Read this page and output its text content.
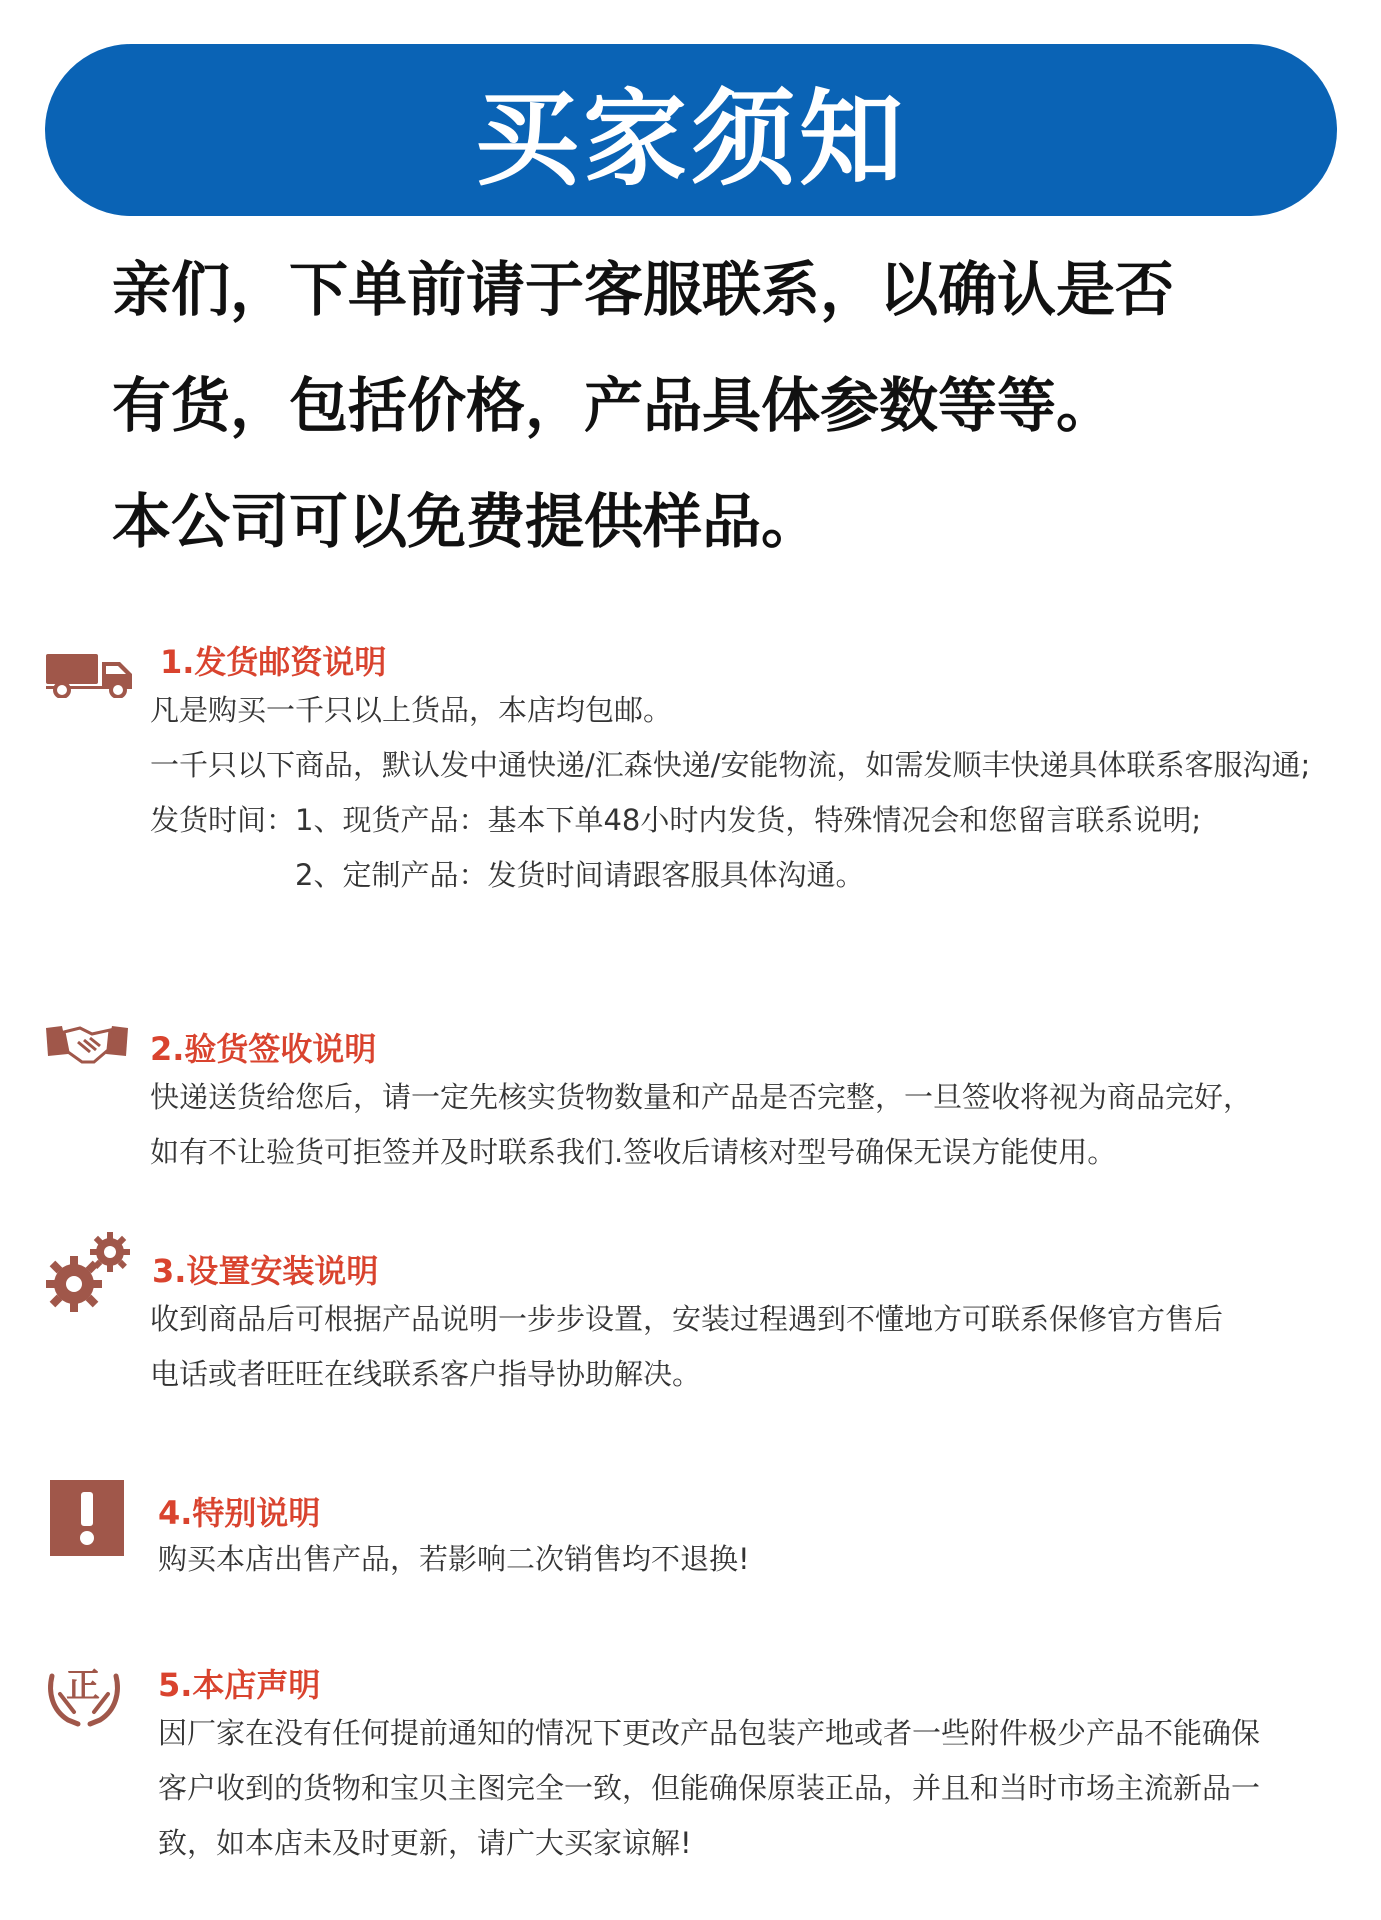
买家须知
亲们，下单前请于客服联系，以确认是否
有货，包括价格，产品具体参数等等。
本公司可以免费提供样品。
1.发货邮资说明
凡是购买一千只以上货品，本店均包邮。
一千只以下商品，默认发中通快递/汇森快递/安能物流，如需发顺丰快递具体联系客服沟通;
发货时间：1、现货产品：基本下单48小时内发货，特殊情况会和您留言联系说明;
2、定制产品：发货时间请跟客服具体沟通。
2.验货签收说明
快递送货给您后，请一定先核实货物数量和产品是否完整，一旦签收将视为商品完好，
如有不让验货可拒签并及时联系我们.签收后请核对型号确保无误方能使用。
3.设置安装说明
收到商品后可根据产品说明一步步设置，安装过程遇到不懂地方可联系保修官方售后
电话或者旺旺在线联系客户指导协助解决。
4.特别说明
购买本店出售产品，若影响二次销售均不退换!
正 5.本店声明
因厂家在没有任何提前通知的情况下更改产品包装产地或者一些附件极少产品不能确保
客户收到的货物和宝贝主图完全一致，但能确保原装正品，并且和当时市场主流新品一
致，如本店未及时更新，请广大买家谅解!
